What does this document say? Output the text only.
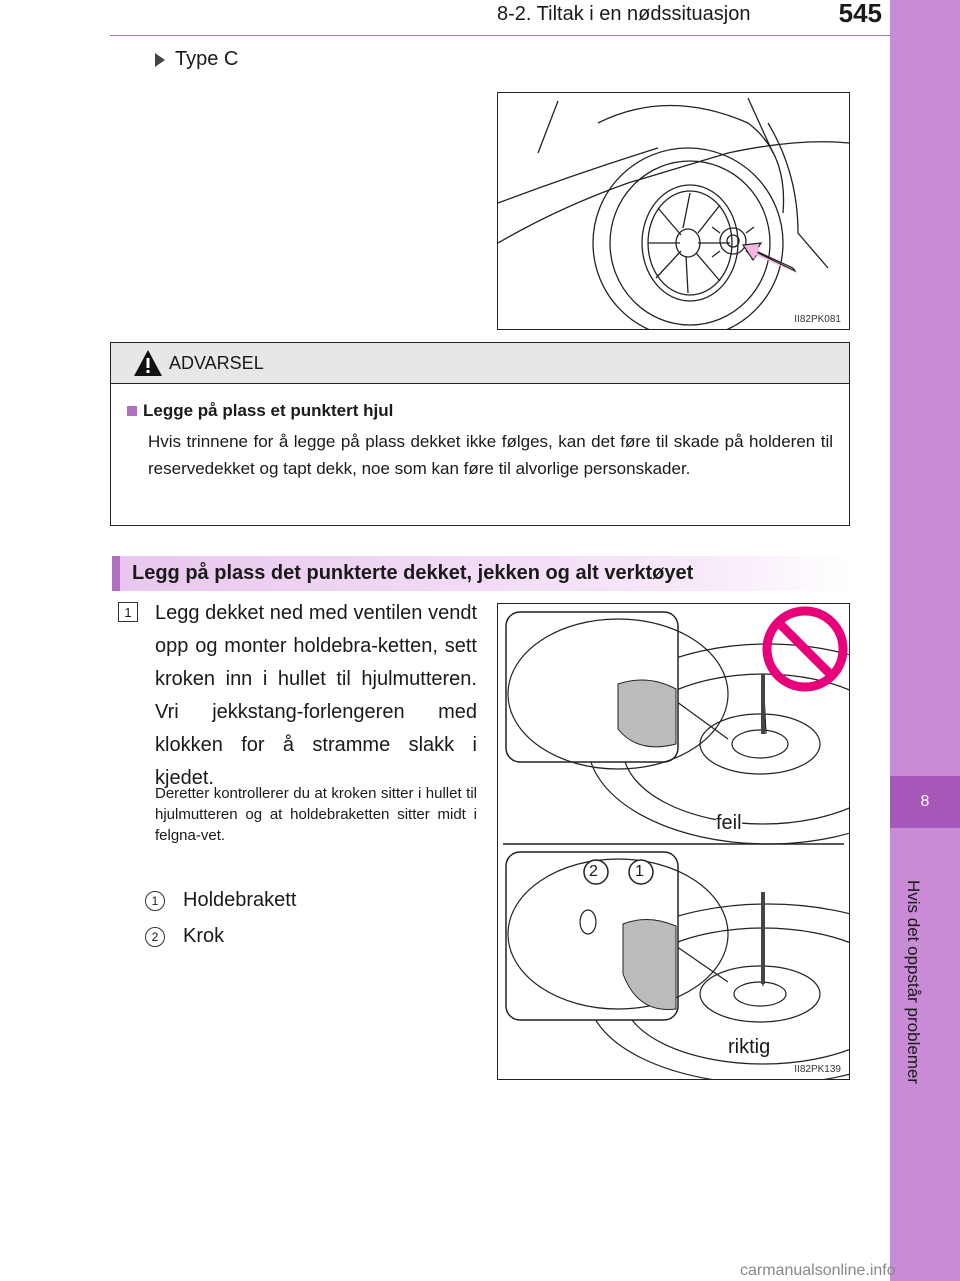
8
Hvis det oppstår problemer
8-2. Tiltak i en nødssituasjon	545
Type C
II82PK081
ADVARSEL
Legge på plass et punktert hjul
Hvis trinnene for å legge på plass dekket ikke følges, kan det føre til skade på holderen til reservedekket og tapt dekk, noe som kan føre til alvorlige personskader.
Legg på plass det punkterte dekket, jekken og alt verktøyet
1	Legg dekket ned med ventilen vendt opp og monter holdebra-ketten, sett kroken inn i hullet til hjulmutteren. Vri jekkstang-forlengeren med klokken for å stramme slakk i kjedet.
Deretter kontrollerer du at kroken sitter i hullet til hjulmutteren og at holdebraketten sitter midt i felgna-vet.
1	Holdebrakett
2	Krok
2 1
feil
riktig
II82PK139
carmanualsonline.info
